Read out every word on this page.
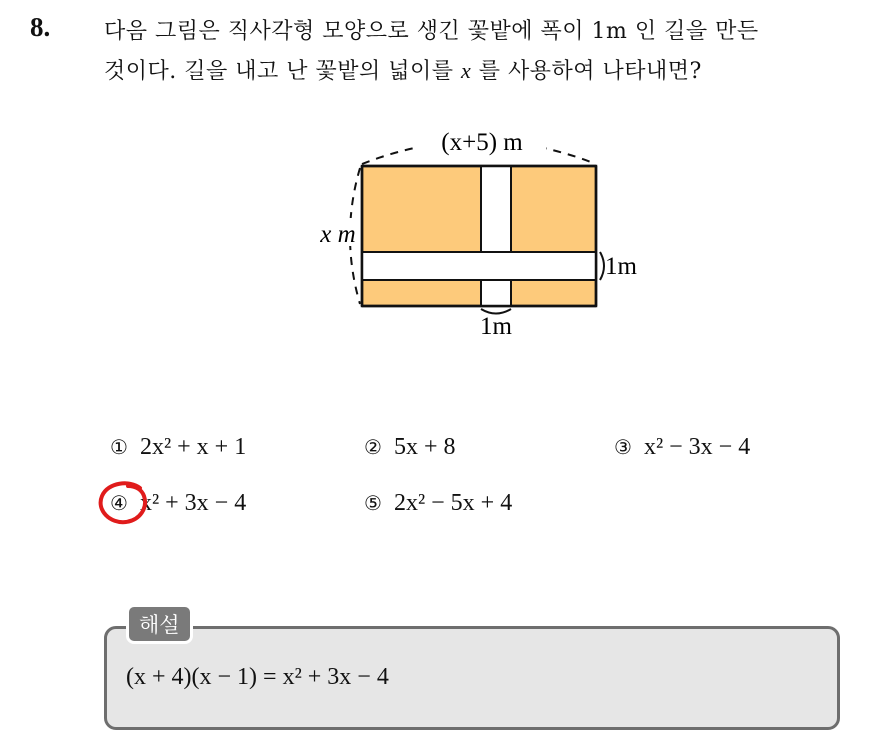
8. 다음 그림은 직사각형 모양으로 생긴 꽃밭에 폭이 1m 인 길을 만든
것이다. 길을 내고 난 꽃밭의 넓이를 x 를 사용하여 나타내면?
(x+5) m
x m
1m
1m
① 2x² + x + 1	② 5x + 8	③ x² − 3x − 4
④ x² + 3x − 4	⑤ 2x² − 5x + 4
해설
(x + 4)(x − 1) = x² + 3x − 4
